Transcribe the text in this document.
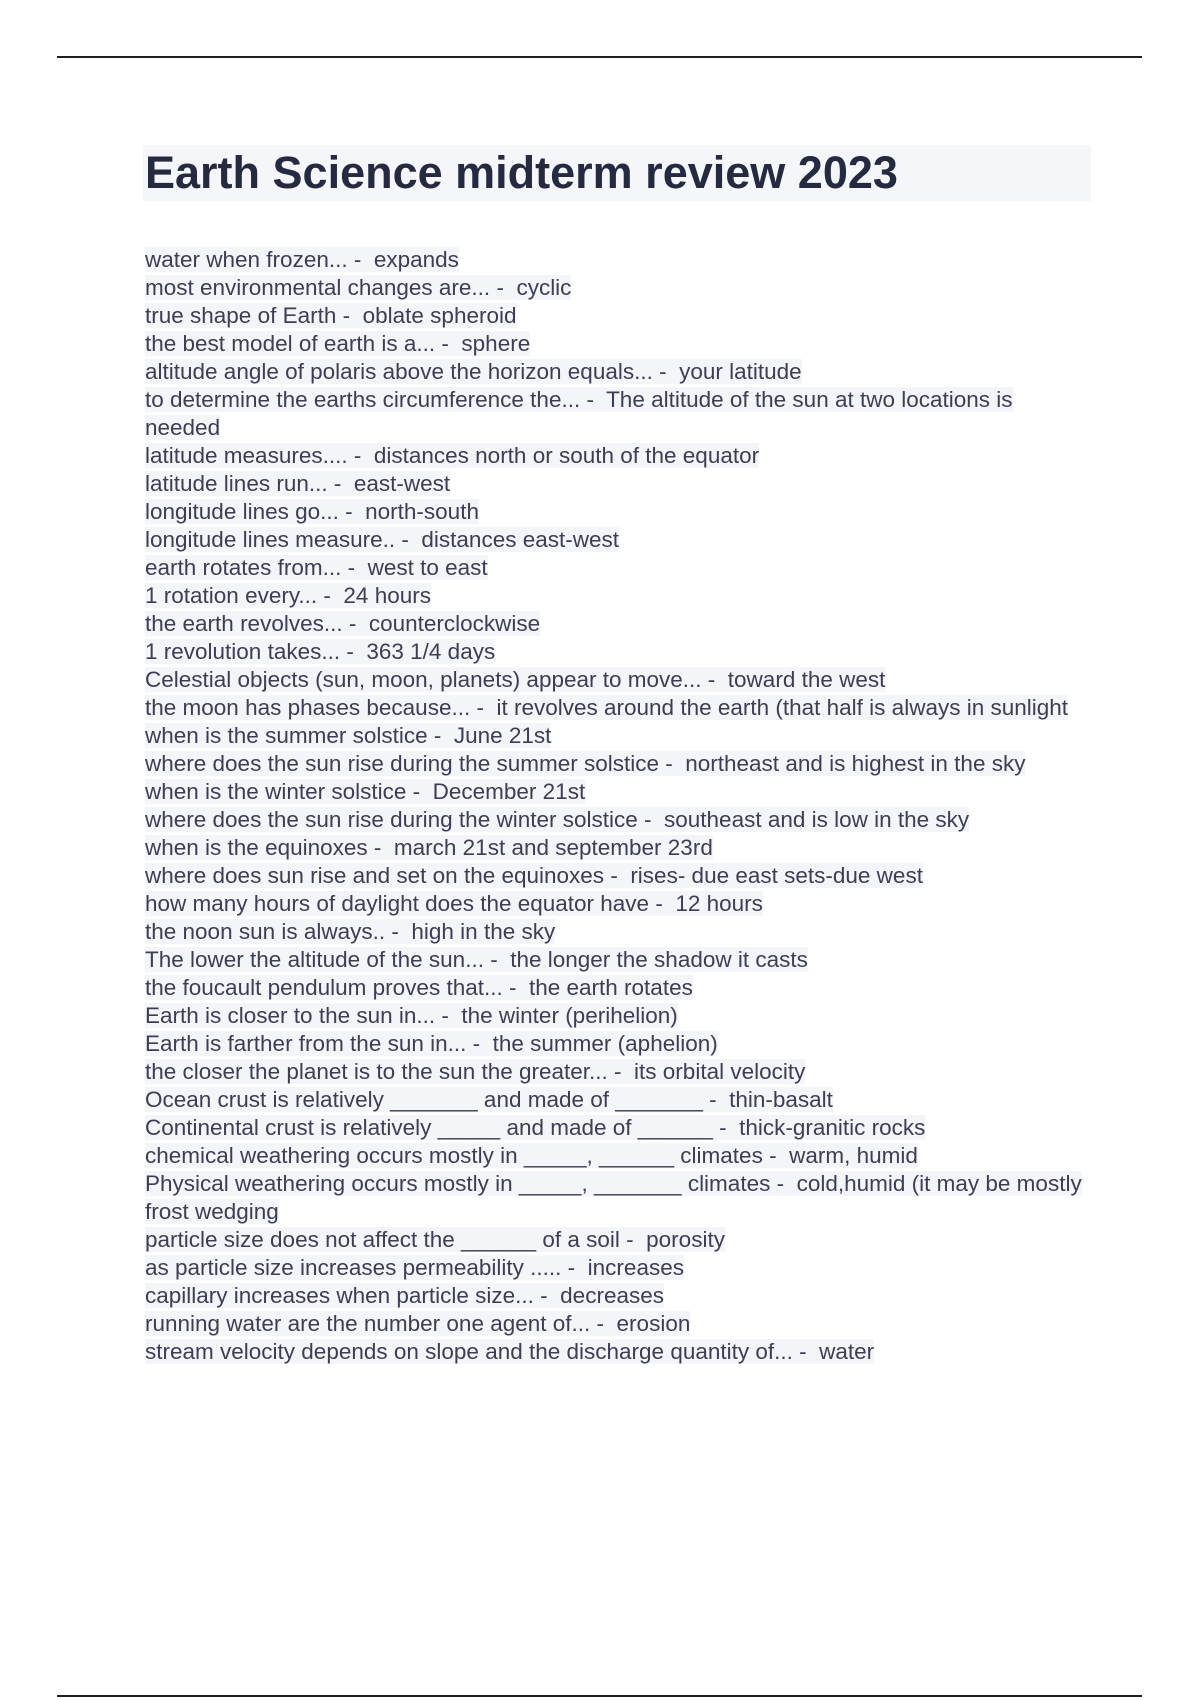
Earth Science midterm review 2023
water when frozen... -  expands
most environmental changes are... -  cyclic
true shape of Earth -  oblate spheroid
the best model of earth is a... -  sphere
altitude angle of polaris above the horizon equals... -  your latitude
to determine the earths circumference the... -  The altitude of the sun at two locations is needed
latitude measures.... -  distances north or south of the equator
latitude lines run... -  east-west
longitude lines go... -  north-south
longitude lines measure.. -  distances east-west
earth rotates from... -  west to east
1 rotation every... -  24 hours
the earth revolves... -  counterclockwise
1 revolution takes... -  363 1/4 days
Celestial objects (sun, moon, planets) appear to move... -  toward the west
the moon has phases because... -  it revolves around the earth (that half is always in sunlight
when is the summer solstice -  June 21st
where does the sun rise during the summer solstice -  northeast and is highest in the sky
when is the winter solstice -  December 21st
where does the sun rise during the winter solstice -  southeast and is low in the sky
when is the equinoxes -  march 21st and september 23rd
where does sun rise and set on the equinoxes -  rises- due east sets-due west
how many hours of daylight does the equator have -  12 hours
the noon sun is always.. -  high in the sky
The lower the altitude of the sun... -  the longer the shadow it casts
the foucault pendulum proves that... -  the earth rotates
Earth is closer to the sun in... -  the winter (perihelion)
Earth is farther from the sun in... -  the summer (aphelion)
the closer the planet is to the sun the greater... -  its orbital velocity
Ocean crust is relatively _______ and made of _______ -  thin-basalt
Continental crust is relatively _____ and made of ______ -  thick-granitic rocks
chemical weathering occurs mostly in _____, ______ climates -  warm, humid
Physical weathering occurs mostly in _____, _______ climates -  cold,humid (it may be mostly frost wedging
particle size does not affect the ______ of a soil -  porosity
as particle size increases permeability ..... -  increases
capillary increases when particle size... -  decreases
running water are the number one agent of... -  erosion
stream velocity depends on slope and the discharge quantity of... -  water
